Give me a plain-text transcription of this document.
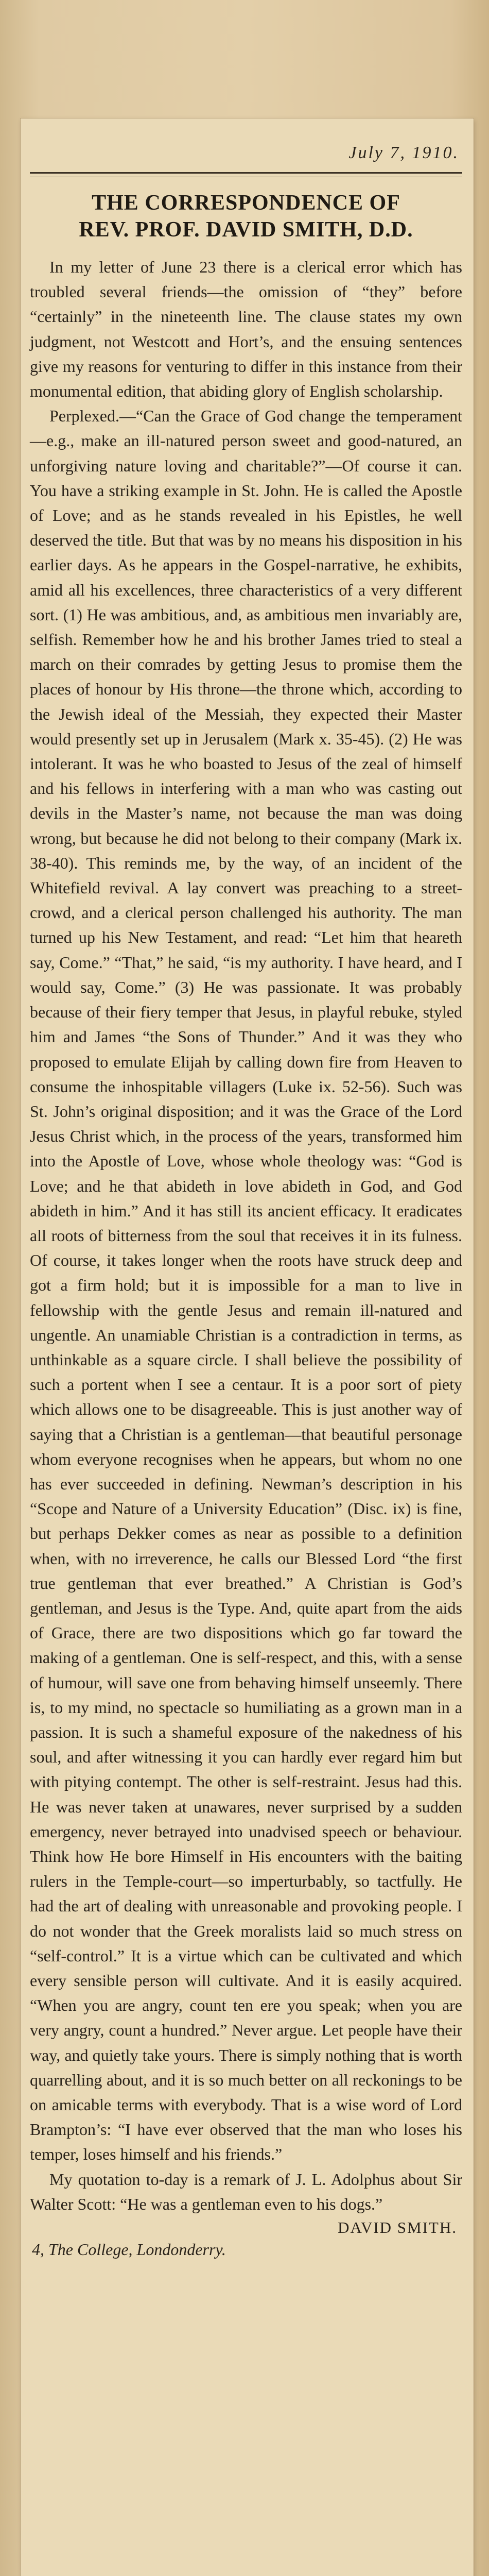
July 7, 1910.
THE CORRESPONDENCE OF
REV. PROF. DAVID SMITH, D.D.

In my letter of June 23 there is a clerical error which has troubled several friends—the omission of “they” before “certainly” in the nineteenth line. The clause states my own judgment, not Westcott and Hort’s, and the ensuing sentences give my reasons for venturing to differ in this instance from their monumental edition, that abiding glory of English scholarship.

Perplexed.—“Can the Grace of God change the temperament—e.g., make an ill-natured person sweet and good-natured, an unforgiving nature loving and charitable?”—Of course it can. You have a striking example in St. John. He is called the Apostle of Love; and as he stands revealed in his Epistles, he well deserved the title. But that was by no means his disposition in his earlier days. As he appears in the Gospel-narrative, he exhibits, amid all his excellences, three characteristics of a very different sort. (1) He was ambitious, and, as ambitious men invariably are, selfish. Remember how he and his brother James tried to steal a march on their comrades by getting Jesus to promise them the places of honour by His throne—the throne which, according to the Jewish ideal of the Messiah, they expected their Master would presently set up in Jerusalem (Mark x. 35-45). (2) He was intolerant. It was he who boasted to Jesus of the zeal of himself and his fellows in interfering with a man who was casting out devils in the Master’s name, not because the man was doing wrong, but because he did not belong to their company (Mark ix. 38-40). This reminds me, by the way, of an incident of the Whitefield revival. A lay convert was preaching to a street-crowd, and a clerical person challenged his authority. The man turned up his New Testament, and read: “Let him that heareth say, Come.” “That,” he said, “is my authority. I have heard, and I would say, Come.” (3) He was passionate. It was probably because of their fiery temper that Jesus, in playful rebuke, styled him and James “the Sons of Thunder.” And it was they who proposed to emulate Elijah by calling down fire from Heaven to consume the inhospitable villagers (Luke ix. 52-56). Such was St. John’s original disposition; and it was the Grace of the Lord Jesus Christ which, in the process of the years, transformed him into the Apostle of Love, whose whole theology was: “God is Love; and he that abideth in love abideth in God, and God abideth in him.” And it has still its ancient efficacy. It eradicates all roots of bitterness from the soul that receives it in its fulness. Of course, it takes longer when the roots have struck deep and got a firm hold; but it is impossible for a man to live in fellowship with the gentle Jesus and remain ill-natured and ungentle. An unamiable Christian is a contradiction in terms, as unthinkable as a square circle. I shall believe the possibility of such a portent when I see a centaur. It is a poor sort of piety which allows one to be disagreeable. This is just another way of saying that a Christian is a gentleman—that beautiful personage whom everyone recognises when he appears, but whom no one has ever succeeded in defining. Newman’s description in his “Scope and Nature of a University Education” (Disc. ix) is fine, but perhaps Dekker comes as near as possible to a definition when, with no irreverence, he calls our Blessed Lord “the first true gentleman that ever breathed.” A Christian is God’s gentleman, and Jesus is the Type. And, quite apart from the aids of Grace, there are two dispositions which go far toward the making of a gentleman. One is self-respect, and this, with a sense of humour, will save one from behaving himself unseemly. There is, to my mind, no spectacle so humiliating as a grown man in a passion. It is such a shameful exposure of the nakedness of his soul, and after witnessing it you can hardly ever regard him but with pitying contempt. The other is self-restraint. Jesus had this. He was never taken at unawares, never surprised by a sudden emergency, never betrayed into unadvised speech or behaviour. Think how He bore Himself in His encounters with the baiting rulers in the Temple-court—so imperturbably, so tactfully. He had the art of dealing with unreasonable and provoking people. I do not wonder that the Greek moralists laid so much stress on “self-control.” It is a virtue which can be cultivated and which every sensible person will cultivate. And it is easily acquired. “When you are angry, count ten ere you speak; when you are very angry, count a hundred.” Never argue. Let people have their way, and quietly take yours. There is simply nothing that is worth quarrelling about, and it is so much better on all reckonings to be on amicable terms with everybody. That is a wise word of Lord Brampton’s: “I have ever observed that the man who loses his temper, loses himself and his friends.”

My quotation to-day is a remark of J. L. Adolphus about Sir Walter Scott: “He was a gentleman even to his dogs.”

DAVID SMITH.
4, The College, Londonderry.
